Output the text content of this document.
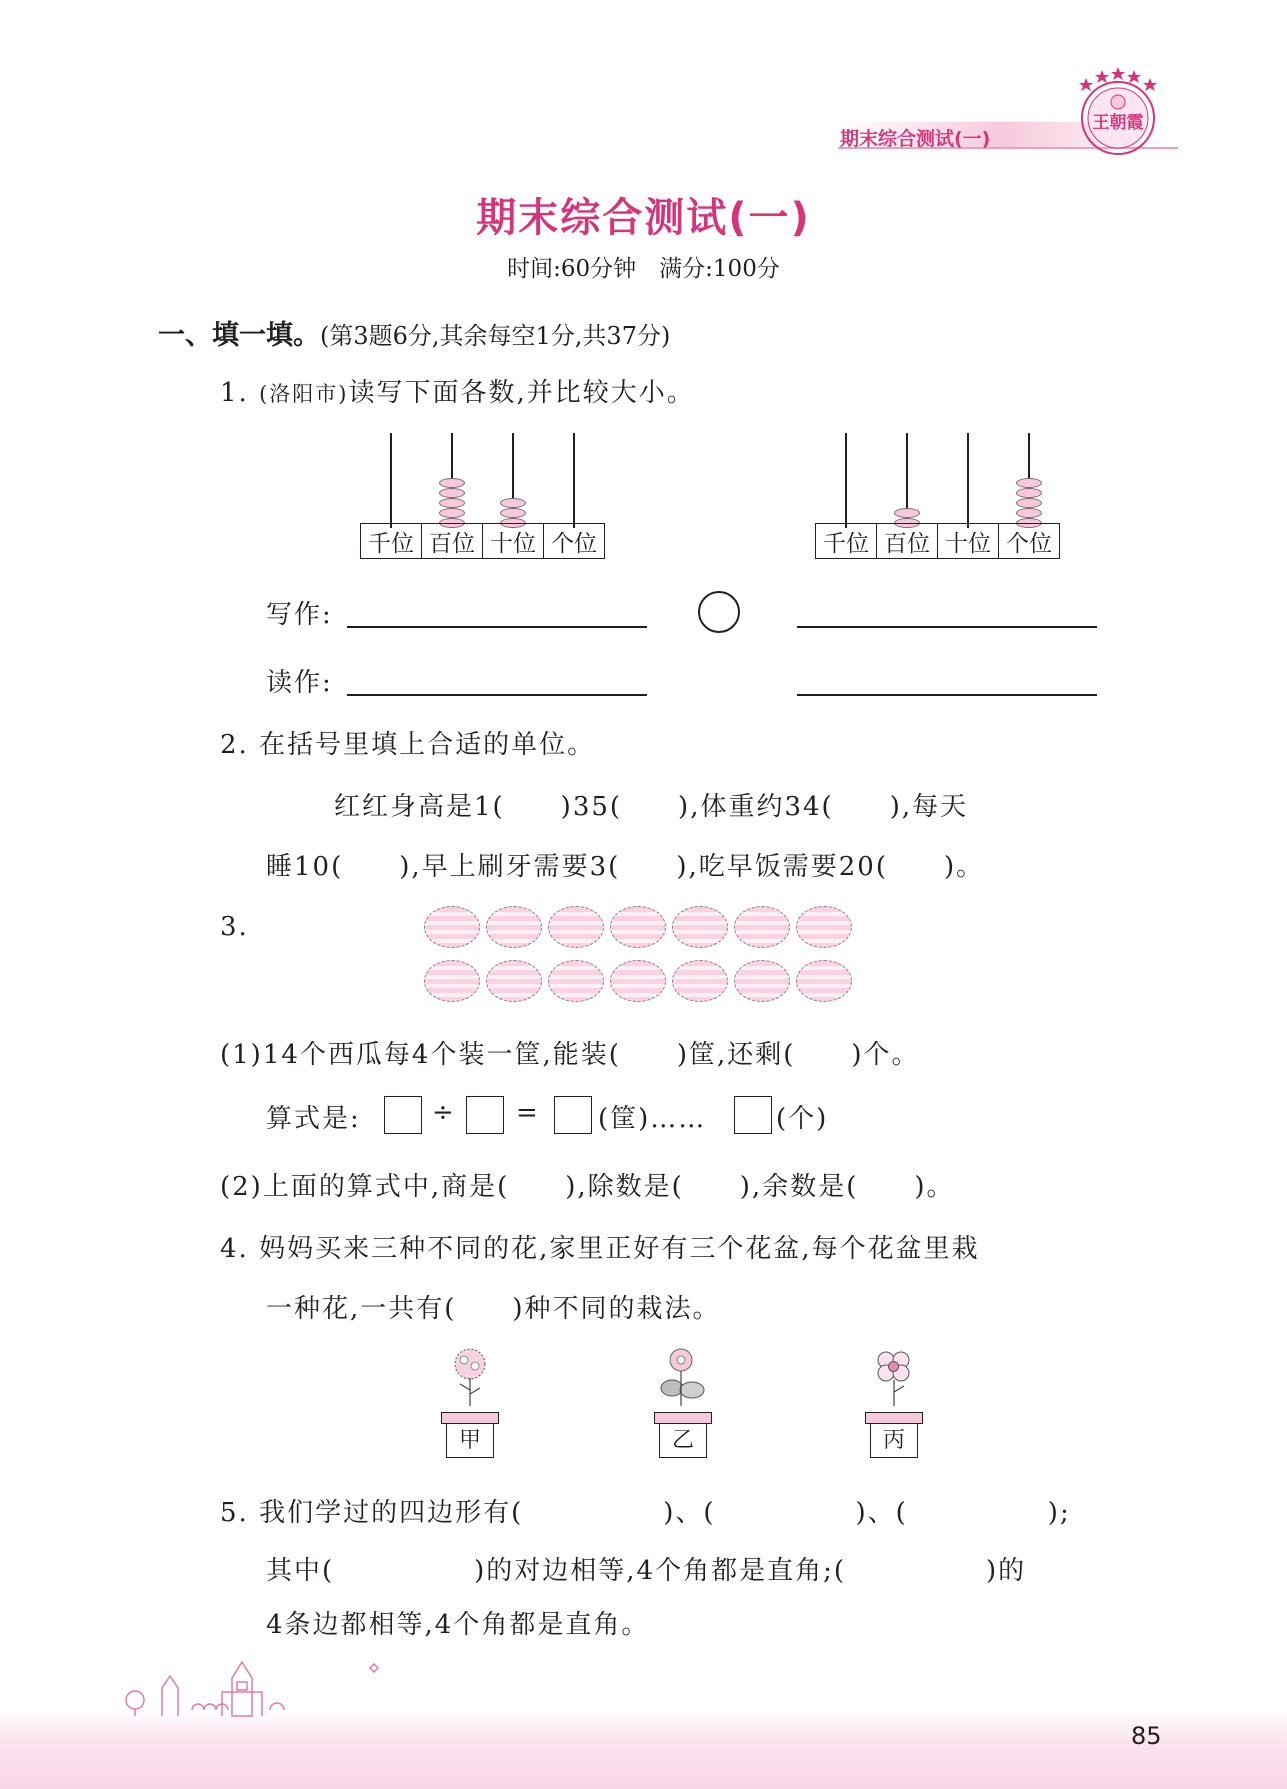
期末综合测试(一)
王朝霞
期末综合测试(一)
时间:60分钟　满分:100分
一、填一填。(第3题6分,其余每空1分,共37分)
1. (洛阳市)读写下面各数,并比较大小。
千位	百位	十位	个位	千位	百位	十位	个位
写作:
读作:
2. 在括号里填上合适的单位。
红红身高是1(　　)35(　　),体重约34(　　),每天
睡10(　　),早上刷牙需要3(　　),吃早饭需要20(　　)。
3.
(1)14个西瓜每4个装一筐,能装(　　)筐,还剩(　　)个。
算式是:	÷ = (筐)……	(个)
(2)上面的算式中,商是(　　),除数是(　　),余数是(　　)。
4. 妈妈买来三种不同的花,家里正好有三个花盆,每个花盆里栽
一种花,一共有(　　)种不同的栽法。
甲	乙	丙
5. 我们学过的四边形有(　　　　　)、(　　　　　)、(　　　　　);
其中(　　　　　)的对边相等,4个角都是直角;(　　　　　)的
4条边都相等,4个角都是直角。
85
